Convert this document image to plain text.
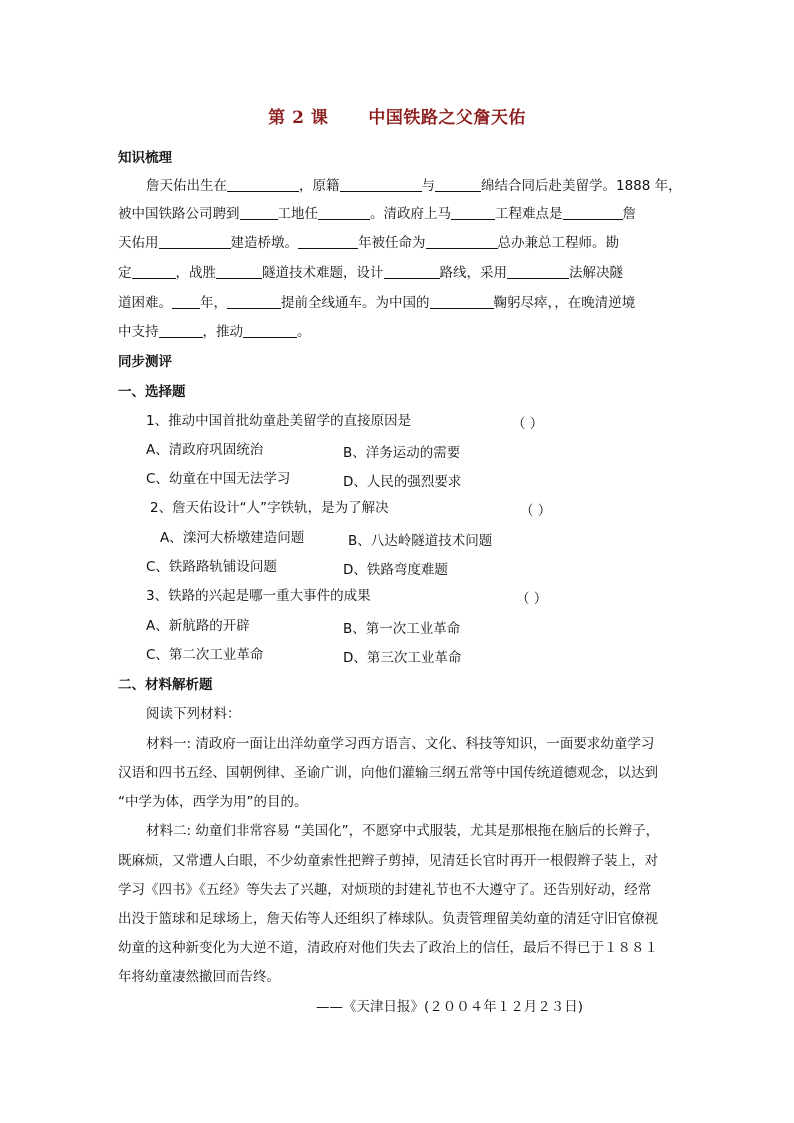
第 2 课 中国铁路之父詹天佑
知识梳理
詹天佑出生在	，原籍	与	绵结合同后赴美留学。1888 年，
被中国铁路公司聘到	工地任	。清政府上马	工程难点是	詹
天佑用	建造桥墩。	年被任命为	总办兼总工程师。勘
定	，战胜	隧道技术难题，设计	路线，采用	法解决隧
道困难。 年，	提前全线通车。为中国的	鞠躬尽瘁，，在晚清逆境
中支持	，推动	。
同步测评
一、选择题
1、推动中国首批幼童赴美留学的直接原因是	（ ）
A、清政府巩固统治	B、洋务运动的需要
C、幼童在中国无法学习	D、人民的强烈要求
2、詹天佑设计“人”字铁轨，是为了解决	（ ）
A、滦河大桥墩建造问题	B、八达岭隧道技术问题
C、铁路路轨铺设问题	D、铁路弯度难题
3、铁路的兴起是哪一重大事件的成果	（ ）
A、新航路的开辟	B、第一次工业革命
C、第二次工业革命	D、第三次工业革命
二、材料解析题
阅读下列材料：
材料一: 清政府一面让出洋幼童学习西方语言、文化、科技等知识，一面要求幼童学习
汉语和四书五经、国朝例律、圣谕广训，向他们灌输三纲五常等中国传统道德观念，以达到
“中学为体，西学为用”的目的。
材料二: 幼童们非常容易 “美国化”，不愿穿中式服装，尤其是那根拖在脑后的长辫子，
既麻烦，又常遭人白眼，不少幼童索性把辫子剪掉，见清廷长官时再开一根假辫子装上，对
学习《四书》《五经》等失去了兴趣，对烦琐的封建礼节也不大遵守了。还告别好动，经常
出没于篮球和足球场上，詹天佑等人还组织了棒球队。负责管理留美幼童的清廷守旧官僚视
幼童的这种新变化为大逆不道，清政府对他们失去了政治上的信任，最后不得已于１８８１
年将幼童凄然撤回而告终。
——《天津日报》(２００４年１２月２３日)
